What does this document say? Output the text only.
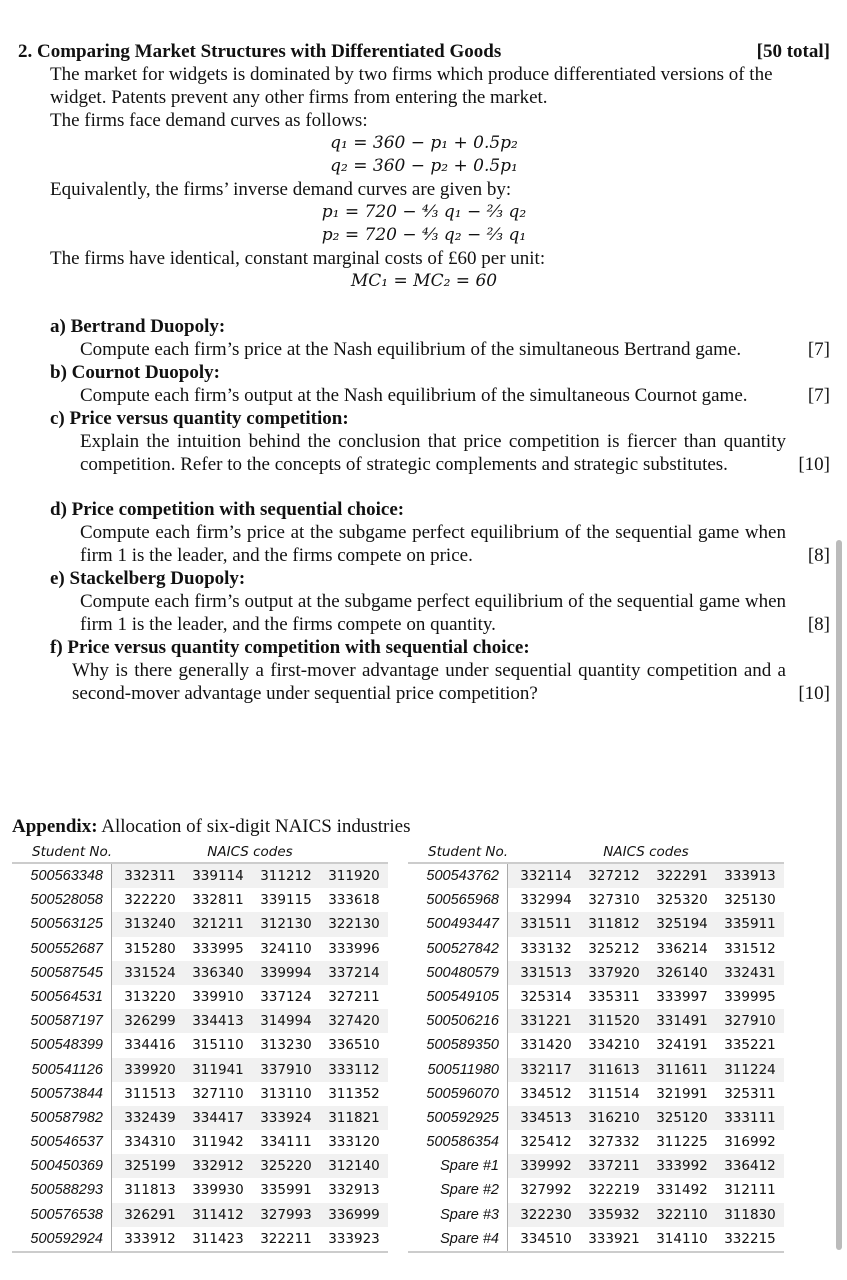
2. Comparing Market Structures with Differentiated Goods	[50 total]
The market for widgets is dominated by two firms which produce differentiated versions of the widget. Patents prevent any other firms from entering the market.
The firms face demand curves as follows:
q₁ = 360 − p₁ + 0.5p₂
q₂ = 360 − p₂ + 0.5p₁
Equivalently, the firms’ inverse demand curves are given by:
p₁ = 720 − ⁴⁄₃ q₁ − ²⁄₃ q₂
p₂ = 720 − ⁴⁄₃ q₂ − ²⁄₃ q₁
The firms have identical, constant marginal costs of £60 per unit:
MC₁ = MC₂ = 60
a) Bertrand Duopoly:
Compute each firm’s price at the Nash equilibrium of the simultaneous Bertrand game.	[7]
b) Cournot Duopoly:
Compute each firm’s output at the Nash equilibrium of the simultaneous Cournot game.	[7]
c) Price versus quantity competition:
Explain the intuition behind the conclusion that price competition is fiercer than quantity competition. Refer to the concepts of strategic complements and strategic substitutes.	[10]
d) Price competition with sequential choice:
Compute each firm’s price at the subgame perfect equilibrium of the sequential game when firm 1 is the leader, and the firms compete on price.	[8]
e) Stackelberg Duopoly:
Compute each firm’s output at the subgame perfect equilibrium of the sequential game when firm 1 is the leader, and the firms compete on quantity.	[8]
f) Price versus quantity competition with sequential choice:
Why is there generally a first-mover advantage under sequential quantity competition and a second-mover advantage under sequential price competition?	[10]
Appendix: Allocation of six-digit NAICS industries
Student No.	NAICS codes
500563348	332311	339114	311212	311920
500528058	322220	332811	339115	333618
500563125	313240	321211	312130	322130
500552687	315280	333995	324110	333996
500587545	331524	336340	339994	337214
500564531	313220	339910	337124	327211
500587197	326299	334413	314994	327420
500548399	334416	315110	313230	336510
500541126	339920	311941	337910	333112
500573844	311513	327110	313110	311352
500587982	332439	334417	333924	311821
500546537	334310	311942	334111	333120
500450369	325199	332912	325220	312140
500588293	311813	339930	335991	332913
500576538	326291	311412	327993	336999
500592924	333912	311423	322211	333923
Student No.	NAICS codes
500543762	332114	327212	322291	333913
500565968	332994	327310	325320	325130
500493447	331511	311812	325194	335911
500527842	333132	325212	336214	331512
500480579	331513	337920	326140	332431
500549105	325314	335311	333997	339995
500506216	331221	311520	331491	327910
500589350	331420	334210	324191	335221
500511980	332117	311613	311611	311224
500596070	334512	311514	321991	325311
500592925	334513	316210	325120	333111
500586354	325412	327332	311225	316992
Spare #1	339992	337211	333992	336412
Spare #2	327992	322219	331492	312111
Spare #3	322230	335932	322110	311830
Spare #4	334510	333921	314110	332215
